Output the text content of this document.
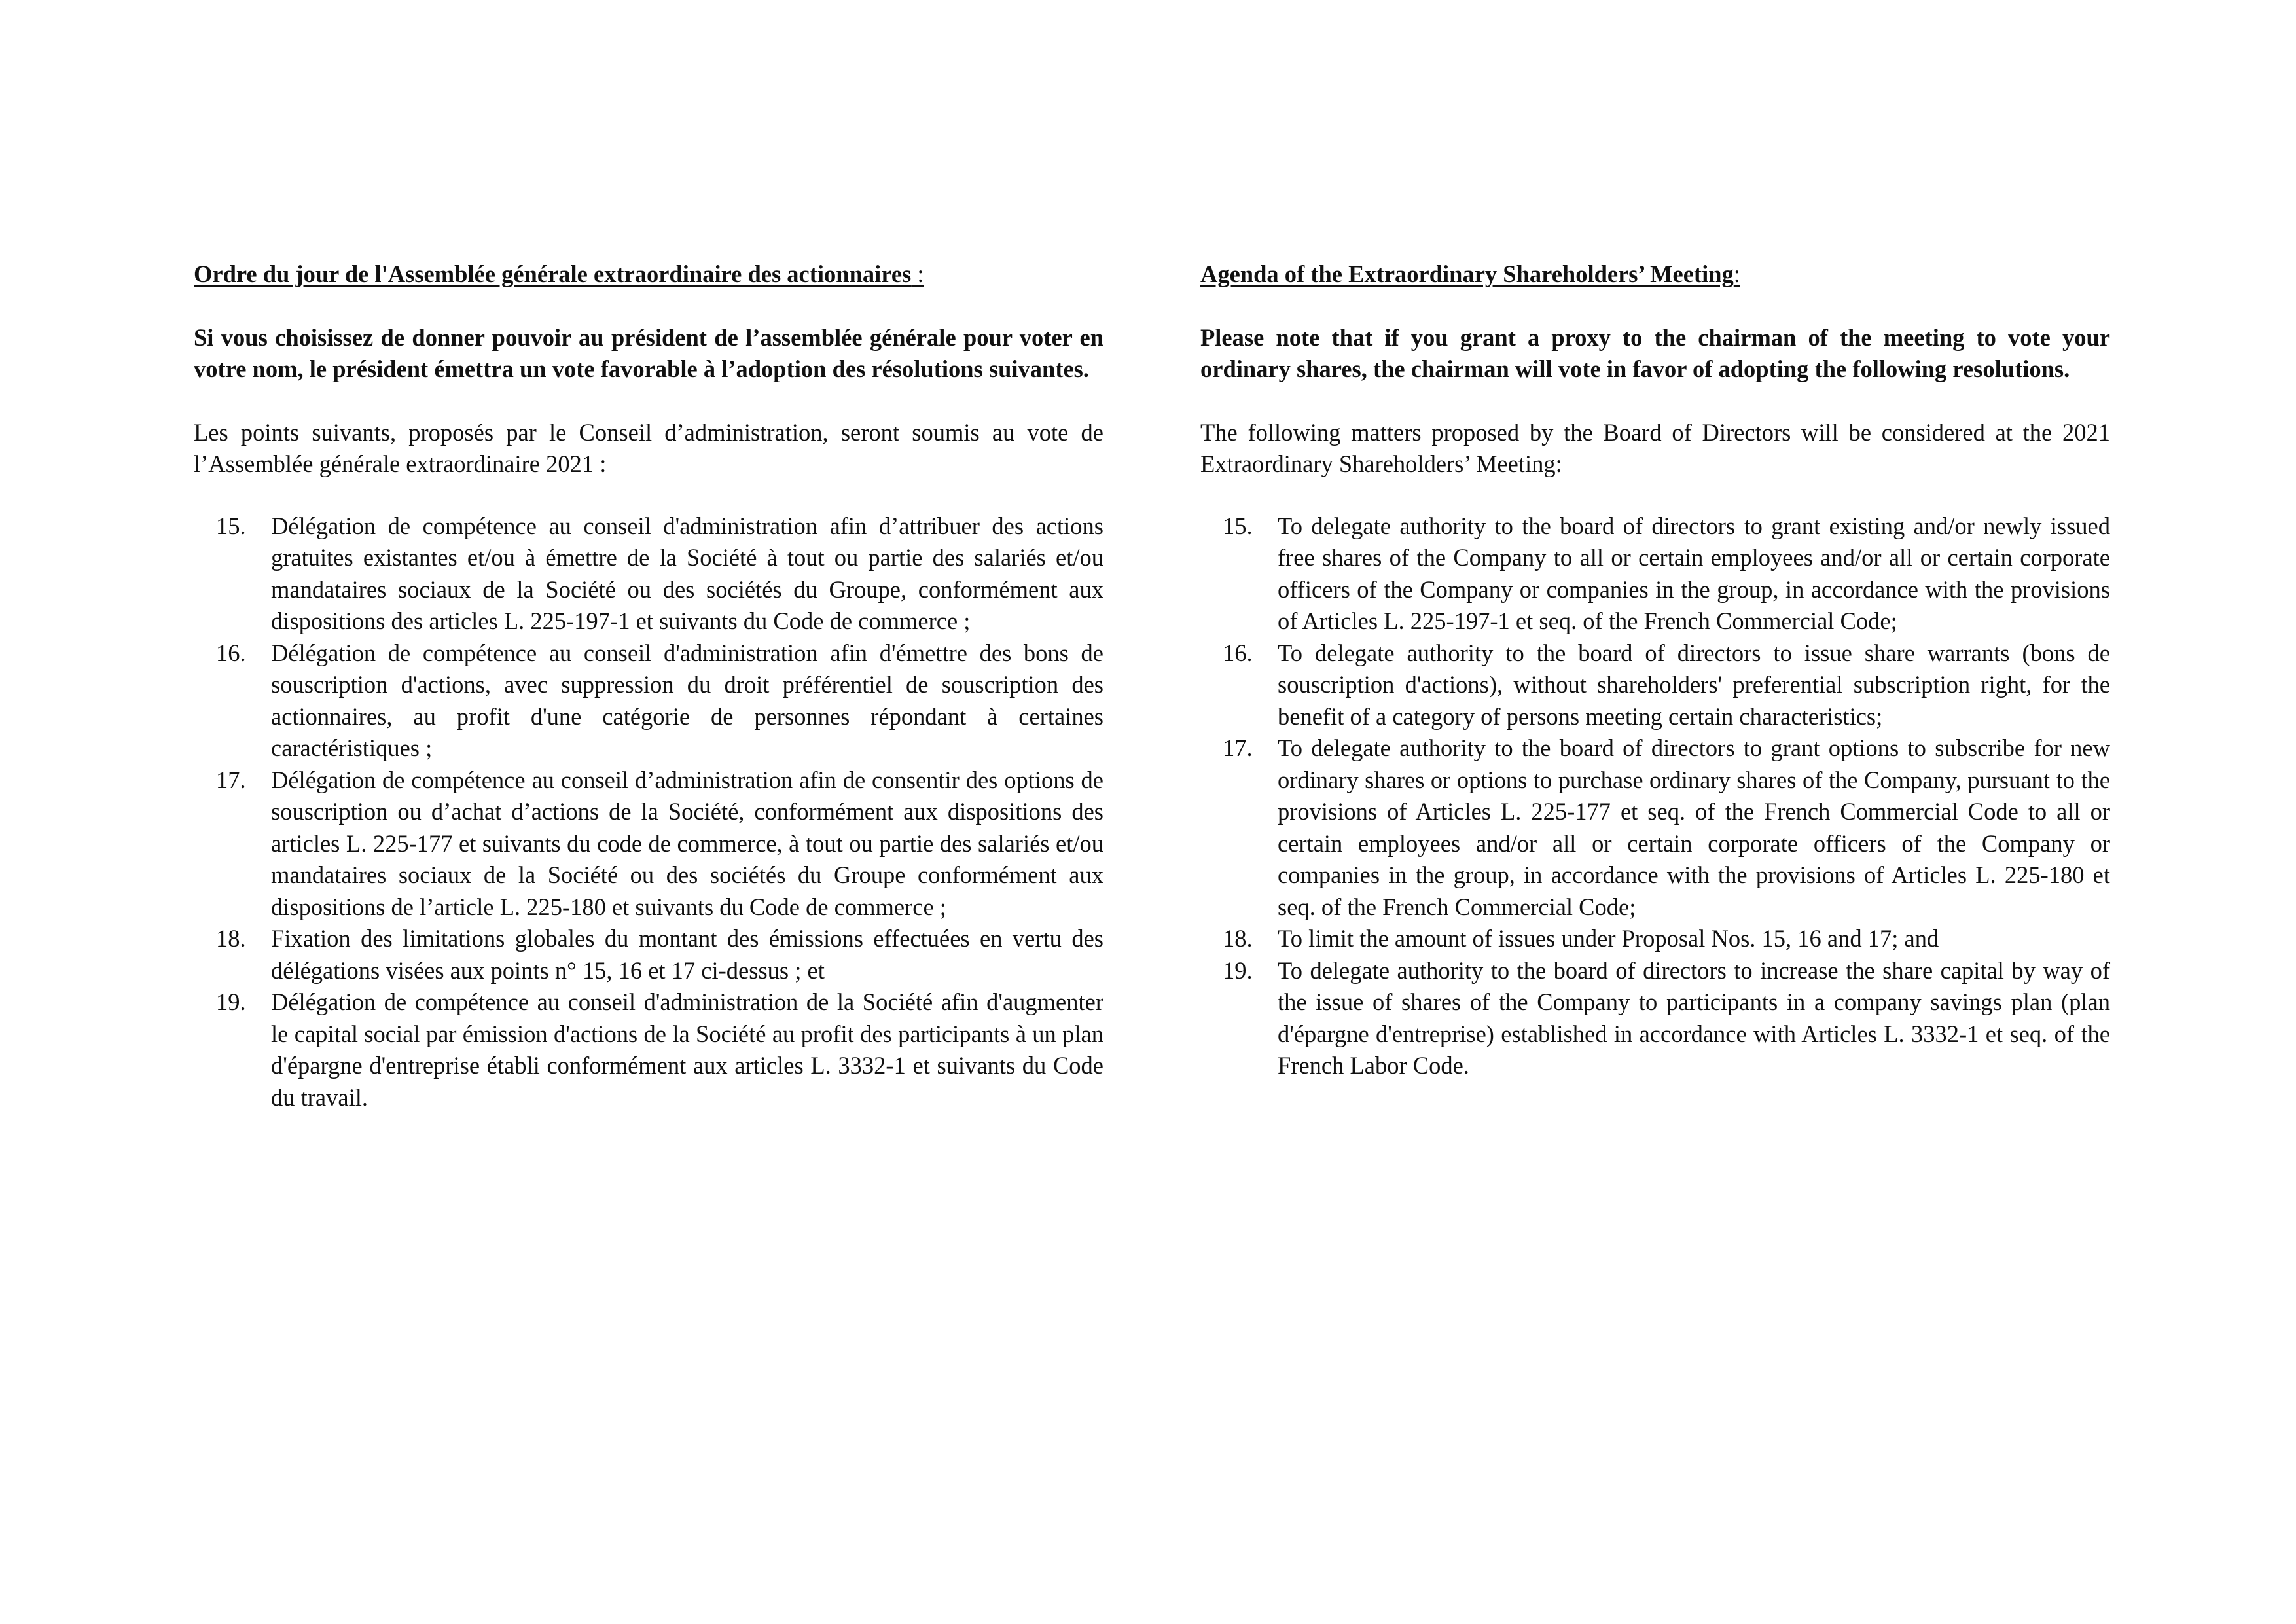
Ordre du jour de l'Assemblée générale extraordinaire des actionnaires :

Si vous choisissez de donner pouvoir au président de l’assemblée générale pour voter en votre nom, le président émettra un vote favorable à l’adoption des résolutions suivantes.

Les points suivants, proposés par le Conseil d’administration, seront soumis au vote de l’Assemblée générale extraordinaire 2021 :

15.	Délégation de compétence au conseil d'administration afin d’attribuer des actions gratuites existantes et/ou à émettre de la Société à tout ou partie des salariés et/ou mandataires sociaux de la Société ou des sociétés du Groupe, conformément aux dispositions des articles L. 225-197-1 et suivants du Code de commerce ;
16.	Délégation de compétence au conseil d'administration afin d'émettre des bons de souscription d'actions, avec suppression du droit préférentiel de souscription des actionnaires, au profit d'une catégorie de personnes répondant à certaines caractéristiques ;
17.	Délégation de compétence au conseil d’administration afin de consentir des options de souscription ou d’achat d’actions de la Société, conformément aux dispositions des articles L. 225-177 et suivants du code de commerce, à tout ou partie des salariés et/ou mandataires sociaux de la Société ou des sociétés du Groupe conformément aux dispositions de l’article L. 225-180 et suivants du Code de commerce ;
18.	Fixation des limitations globales du montant des émissions effectuées en vertu des délégations visées aux points n° 15, 16 et 17 ci-dessus ; et
19.	Délégation de compétence au conseil d'administration de la Société afin d'augmenter le capital social par émission d'actions de la Société au profit des participants à un plan d'épargne d'entreprise établi conformément aux articles L. 3332-1 et suivants du Code du travail.

Agenda of the Extraordinary Shareholders’ Meeting:

Please note that if you grant a proxy to the chairman of the meeting to vote your ordinary shares, the chairman will vote in favor of adopting the following resolutions.

The following matters proposed by the Board of Directors will be considered at the 2021 Extraordinary Shareholders’ Meeting:

15.	To delegate authority to the board of directors to grant existing and/or newly issued free shares of the Company to all or certain employees and/or all or certain corporate officers of the Company or companies in the group, in accordance with the provisions of Articles L. 225-197-1 et seq. of the French Commercial Code;
16.	To delegate authority to the board of directors to issue share warrants (bons de souscription d'actions), without shareholders' preferential subscription right, for the benefit of a category of persons meeting certain characteristics;
17.	To delegate authority to the board of directors to grant options to subscribe for new ordinary shares or options to purchase ordinary shares of the Company, pursuant to the provisions of Articles L. 225-177 et seq. of the French Commercial Code to all or certain employees and/or all or certain corporate officers of the Company or companies in the group, in accordance with the provisions of Articles L. 225-180 et seq. of the French Commercial Code;
18.	To limit the amount of issues under Proposal Nos. 15, 16 and 17; and
19.	To delegate authority to the board of directors to increase the share capital by way of the issue of shares of the Company to participants in a company savings plan (plan d'épargne d'entreprise) established in accordance with Articles L. 3332-1 et seq. of the French Labor Code.
